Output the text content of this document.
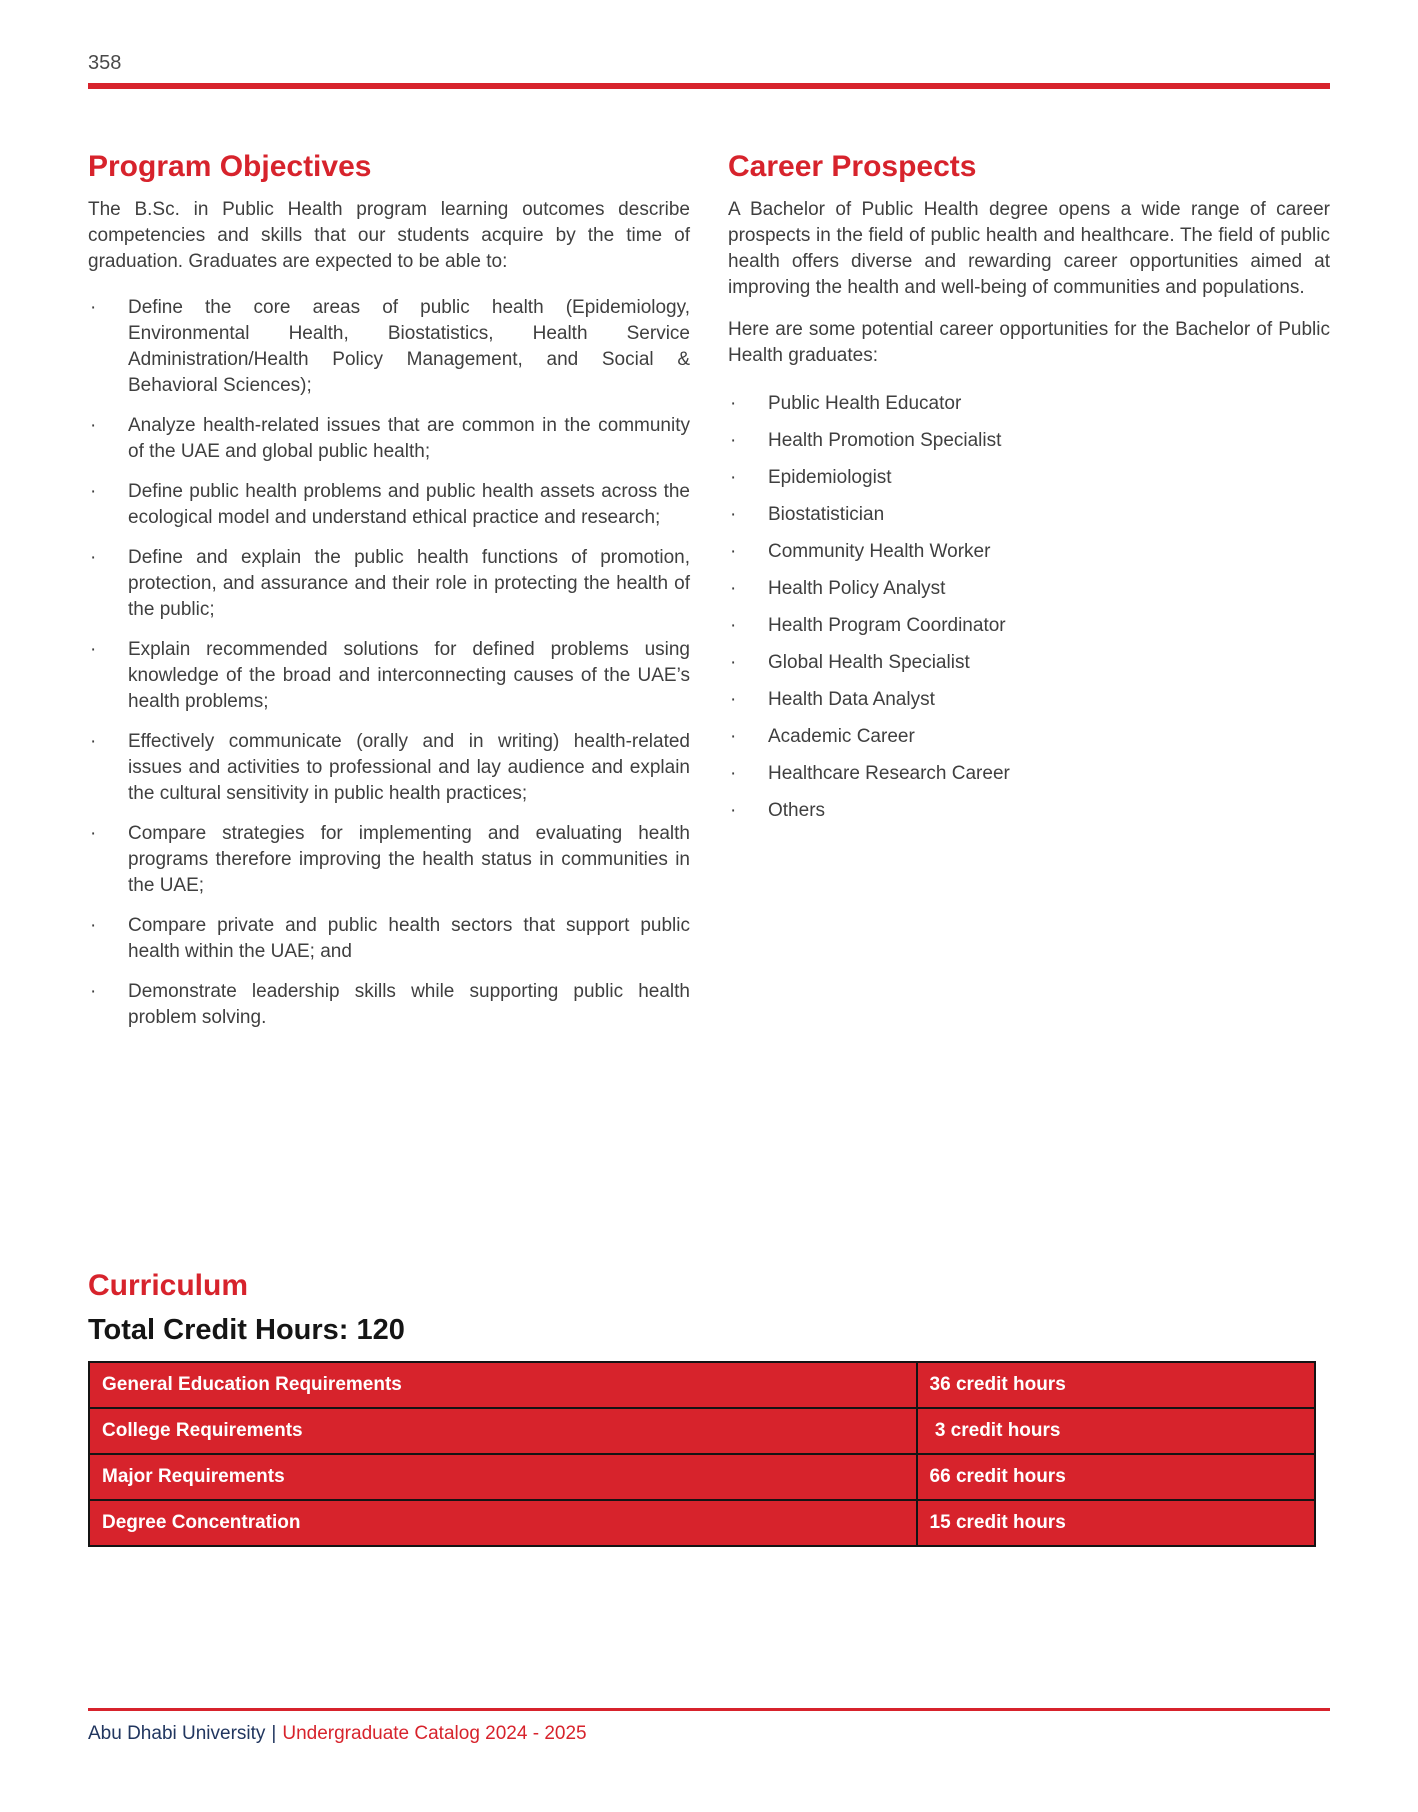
358
Program Objectives

The B.Sc. in Public Health program learning outcomes describe competencies and skills that our students acquire by the time of graduation. Graduates are expected to be able to:

· Define the core areas of public health (Epidemiology, Environmental Health, Biostatistics, Health Service Administration/Health Policy Management, and Social & Behavioral Sciences);
· Analyze health-related issues that are common in the community of the UAE and global public health;
· Define public health problems and public health assets across the ecological model and understand ethical practice and research;
· Define and explain the public health functions of promotion, protection, and assurance and their role in protecting the health of the public;
· Explain recommended solutions for defined problems using knowledge of the broad and interconnecting causes of the UAE’s health problems;
· Effectively communicate (orally and in writing) health-related issues and activities to professional and lay audience and explain the cultural sensitivity in public health practices;
· Compare strategies for implementing and evaluating health programs therefore improving the health status in communities in the UAE;
· Compare private and public health sectors that support public health within the UAE; and
· Demonstrate leadership skills while supporting public health problem solving.
Career Prospects

A Bachelor of Public Health degree opens a wide range of career prospects in the field of public health and healthcare. The field of public health offers diverse and rewarding career opportunities aimed at improving the health and well-being of communities and populations.

Here are some potential career opportunities for the Bachelor of Public Health graduates:

· Public Health Educator
· Health Promotion Specialist
· Epidemiologist
· Biostatistician
· Community Health Worker
· Health Policy Analyst
· Health Program Coordinator
· Global Health Specialist
· Health Data Analyst
· Academic Career
· Healthcare Research Career
· Others
Curriculum
Total Credit Hours: 120
General Education Requirements	36 credit hours
College Requirements	3 credit hours
Major Requirements	66 credit hours
Degree Concentration	15 credit hours
Abu Dhabi University | Undergraduate Catalog 2024 - 2025
